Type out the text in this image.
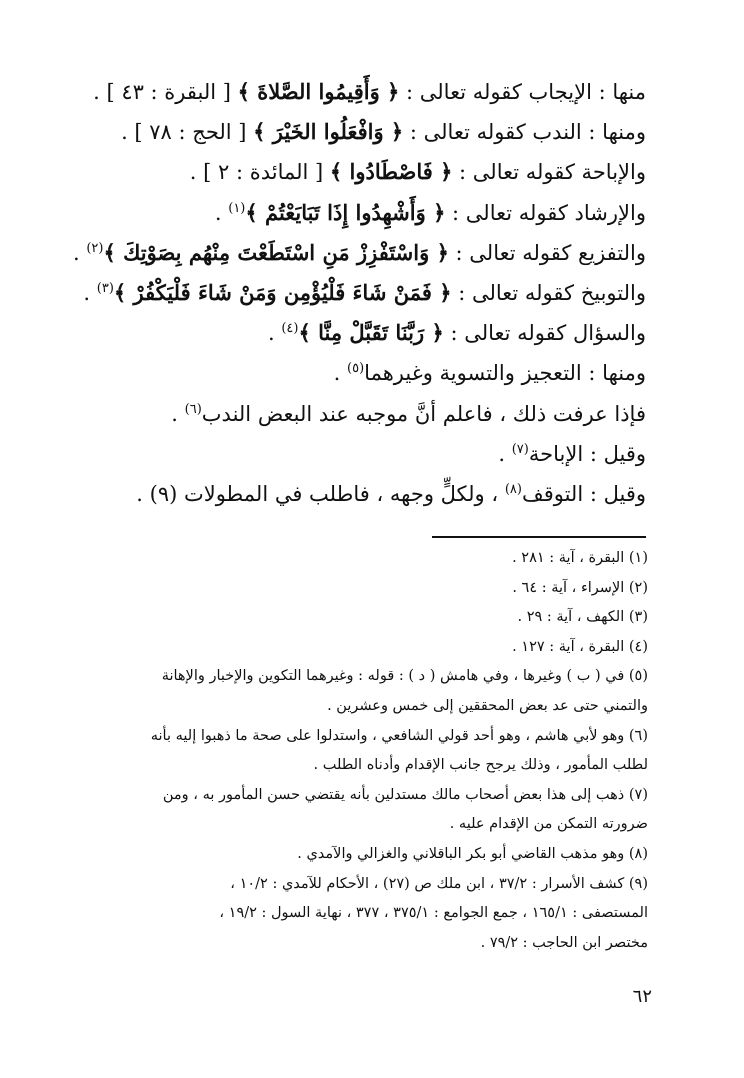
منها : الإيجاب كقوله تعالى : ﴿ وَأَقِيمُوا الصَّلاةَ ﴾ [ البقرة : ٤٣ ] .
ومنها : الندب كقوله تعالى : ﴿ وَافْعَلُوا الخَيْرَ ﴾ [ الحج : ٧٨ ] .
والإباحة كقوله تعالى : ﴿ فَاصْطَادُوا ﴾ [ المائدة : ٢ ] .
والإرشاد كقوله تعالى : ﴿ وَأَشْهِدُوا إِذَا تَبَايَعْتُمْ ﴾$^{(١)}$ .
والتفزيع كقوله تعالى : ﴿ وَاسْتَفْزِزْ مَنِ اسْتَطَعْتَ مِنْهُم بِصَوْتِكَ ﴾$^{(٢)}$ .
والتوبيخ كقوله تعالى : ﴿ فَمَنْ شَاءَ فَلْيُؤْمِن وَمَنْ شَاءَ فَلْيَكْفُرْ ﴾$^{(٣)}$ .
والسؤال كقوله تعالى : ﴿ رَبَّنَا تَقَبَّلْ مِنَّا ﴾$^{(٤)}$ .
ومنها : التعجيز والتسوية وغيرهما$^{(٥)}$ .
فإذا عرفت ذلك ، فاعلم أنَّ موجبه عند البعض الندب$^{(٦)}$ .
وقيل : الإباحة$^{(٧)}$ .
وقيل : التوقف$^{(٨)}$ ، ولكلٍّ وجهه ، فاطلب في المطولات (٩) .
(١) البقرة ، آية : ٢٨١ .
(٢) الإسراء ، آية : ٦٤ .
(٣) الكهف ، آية : ٢٩ .
(٤) البقرة ، آية : ١٢٧ .
(٥) في ( ب ) وغيرها ، وفي هامش ( د ) : قوله : وغيرهما التكوين والإخبار والإهانة
والتمني حتى عد بعض المحققين إلى خمس وعشرين .
(٦) وهو لأبي هاشم ، وهو أحد قولي الشافعي ، واستدلوا على صحة ما ذهبوا إليه بأنه
لطلب المأمور ، وذلك يرجح جانب الإقدام وأدناه الطلب .
(٧) ذهب إلى هذا بعض أصحاب مالك مستدلين بأنه يقتضي حسن المأمور به ، ومن
ضرورته التمكن من الإقدام عليه .
(٨) وهو مذهب القاضي أبو بكر الباقلاني والغزالي والآمدي .
(٩) كشف الأسرار : ٣٧/٢ ، ابن ملك ص (٢٧) ، الأحكام للآمدي : ١٠/٢ ،
المستصفى : ١٦٥/١ ، جمع الجوامع : ٣٧٥/١ ، ٣٧٧ ، نهاية السول : ١٩/٢ ،
مختصر ابن الحاجب : ٧٩/٢ .
٦٢
